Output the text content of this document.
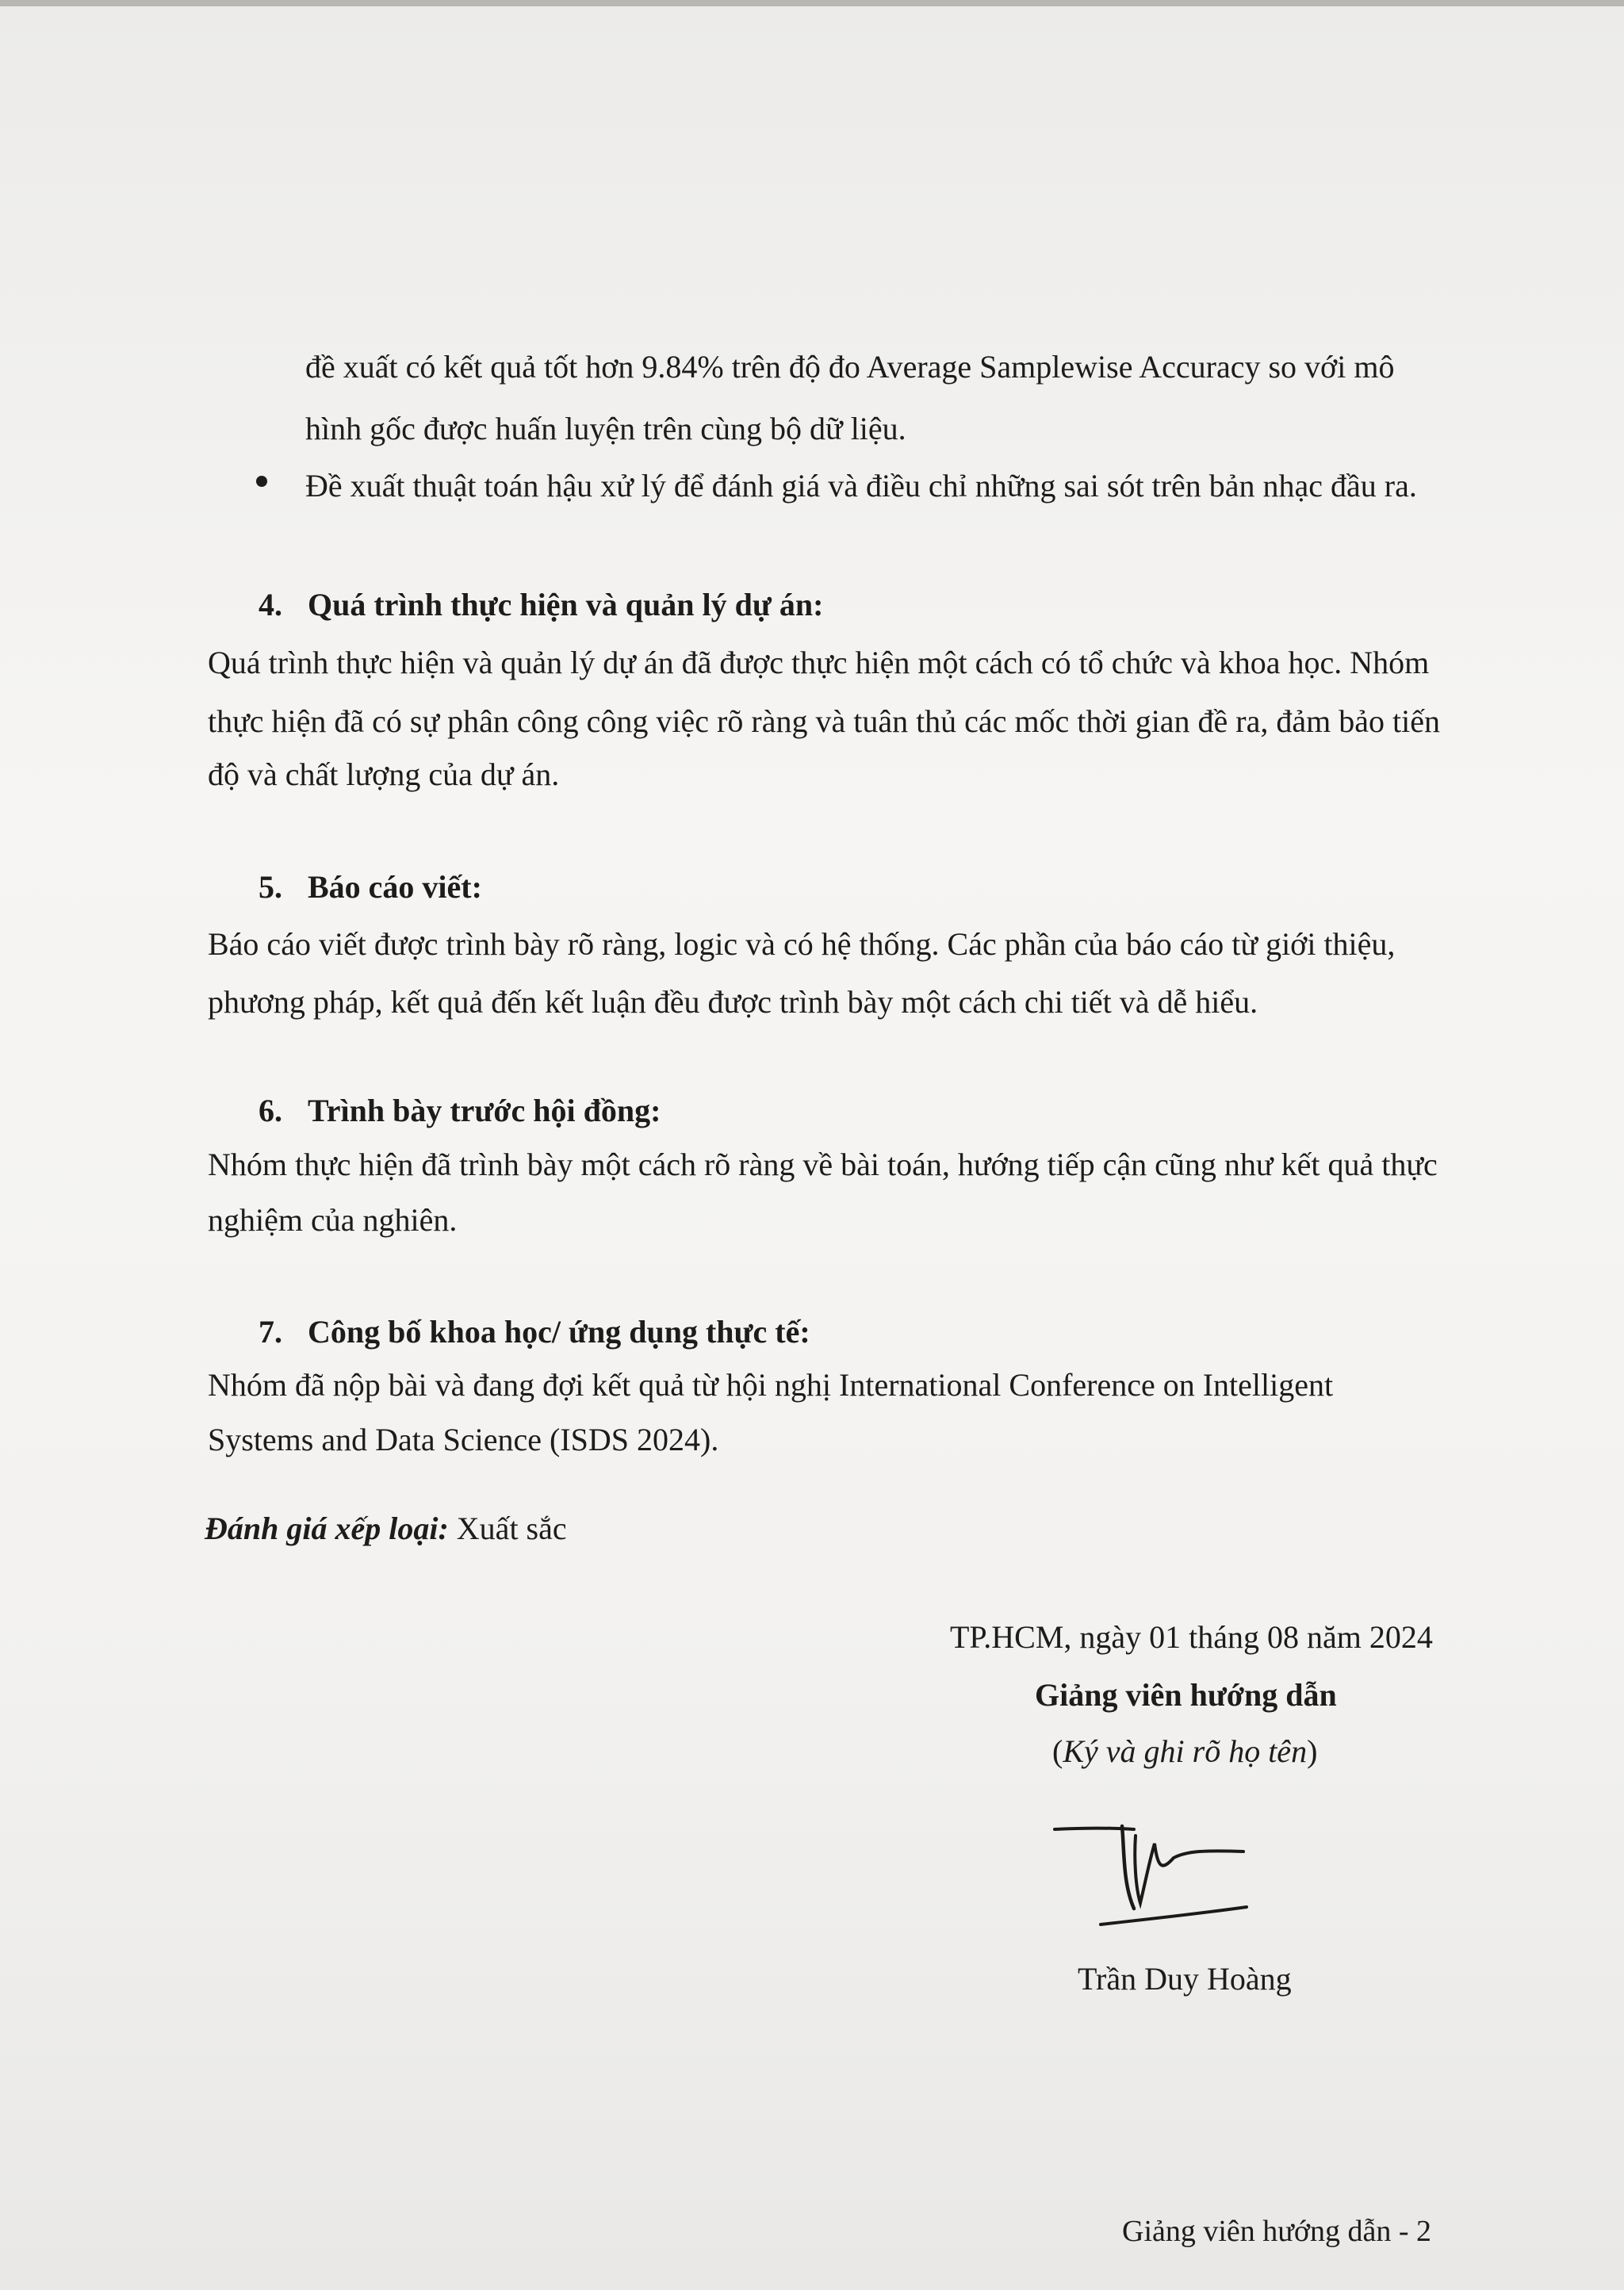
đề xuất có kết quả tốt hơn 9.84% trên độ đo Average Samplewise Accuracy so với mô
hình gốc được huấn luyện trên cùng bộ dữ liệu.
Đề xuất thuật toán hậu xử lý để đánh giá và điều chỉ những sai sót trên bản nhạc đầu ra.
4. Quá trình thực hiện và quản lý dự án:
Quá trình thực hiện và quản lý dự án đã được thực hiện một cách có tổ chức và khoa học. Nhóm
thực hiện đã có sự phân công công việc rõ ràng và tuân thủ các mốc thời gian đề ra, đảm bảo tiến
độ và chất lượng của dự án.
5. Báo cáo viết:
Báo cáo viết được trình bày rõ ràng, logic và có hệ thống. Các phần của báo cáo từ giới thiệu,
phương pháp, kết quả đến kết luận đều được trình bày một cách chi tiết và dễ hiểu.
6. Trình bày trước hội đồng:
Nhóm thực hiện đã trình bày một cách rõ ràng về bài toán, hướng tiếp cận cũng như kết quả thực
nghiệm của nghiên.
7. Công bố khoa học/ ứng dụng thực tế:
Nhóm đã nộp bài và đang đợi kết quả từ hội nghị International Conference on Intelligent
Systems and Data Science (ISDS 2024).
Đánh giá xếp loại: Xuất sắc
TP.HCM, ngày 01 tháng 08 năm 2024
Giảng viên hướng dẫn
(Ký và ghi rõ họ tên)
Trần Duy Hoàng
Giảng viên hướng dẫn - 2
